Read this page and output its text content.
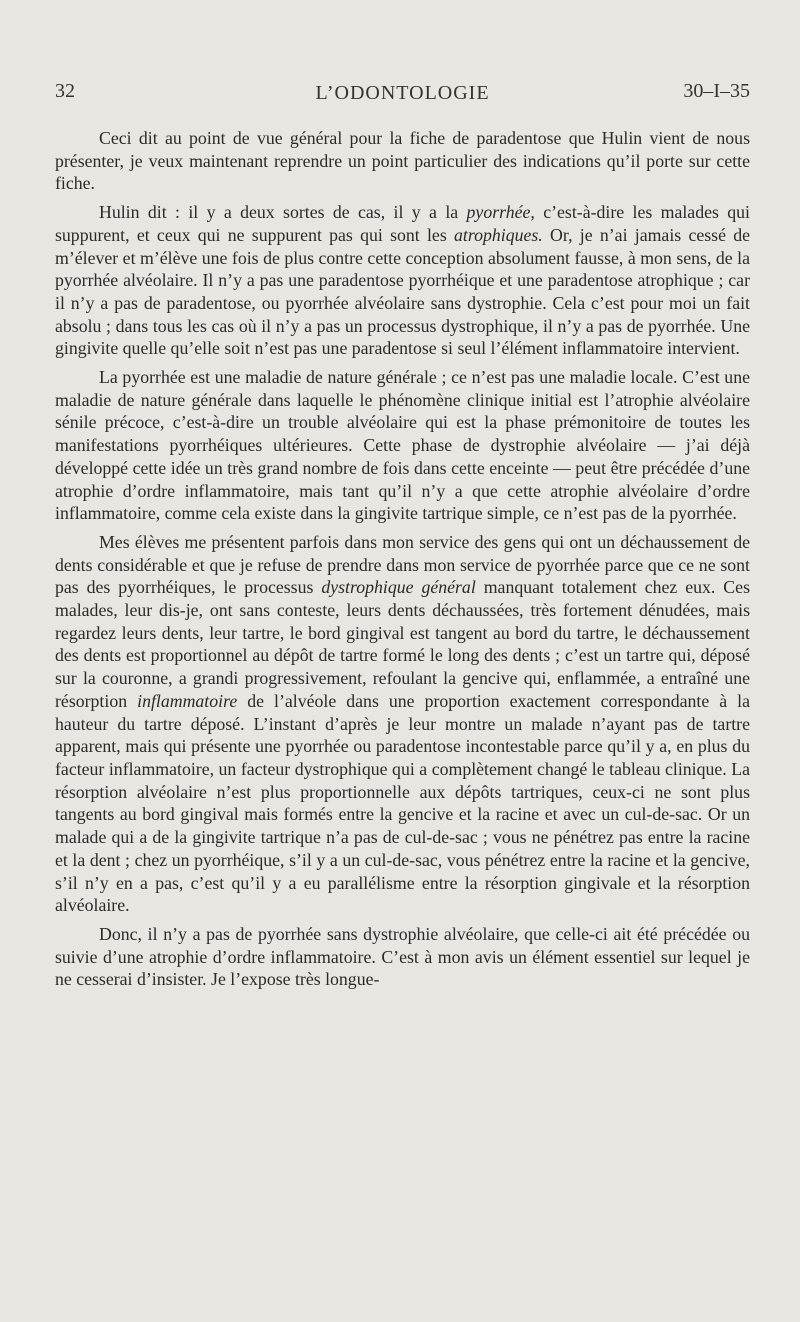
32	L’ODONTOLOGIE	30–I–35

Ceci dit au point de vue général pour la fiche de paradentose que Hulin vient de nous présenter, je veux maintenant reprendre un point particulier des indications qu’il porte sur cette fiche.

Hulin dit : il y a deux sortes de cas, il y a la pyorrhée, c’est-à-dire les malades qui suppurent, et ceux qui ne suppurent pas qui sont les atrophiques. Or, je n’ai jamais cessé de m’élever et m’élève une fois de plus contre cette conception absolument fausse, à mon sens, de la pyorrhée alvéolaire. Il n’y a pas une paradentose pyorrhéique et une paradentose atrophique ; car il n’y a pas de paradentose, ou pyorrhée alvéolaire sans dystrophie. Cela c’est pour moi un fait absolu ; dans tous les cas où il n’y a pas un processus dystrophique, il n’y a pas de pyorrhée. Une gingivite quelle qu’elle soit n’est pas une paradentose si seul l’élément inflammatoire intervient.

La pyorrhée est une maladie de nature générale ; ce n’est pas une maladie locale. C’est une maladie de nature générale dans laquelle le phénomène clinique initial est l’atrophie alvéolaire sénile précoce, c’est-à-dire un trouble alvéolaire qui est la phase prémonitoire de toutes les manifestations pyorrhéiques ultérieures. Cette phase de dystrophie alvéolaire — j’ai déjà développé cette idée un très grand nombre de fois dans cette enceinte — peut être précédée d’une atrophie d’ordre inflammatoire, mais tant qu’il n’y a que cette atrophie alvéolaire d’ordre inflammatoire, comme cela existe dans la gingivite tartrique simple, ce n’est pas de la pyorrhée.

Mes élèves me présentent parfois dans mon service des gens qui ont un déchaussement de dents considérable et que je refuse de prendre dans mon service de pyorrhée parce que ce ne sont pas des pyorrhéiques, le processus dystrophique général manquant totalement chez eux. Ces malades, leur dis-je, ont sans conteste, leurs dents déchaussées, très fortement dénudées, mais regardez leurs dents, leur tartre, le bord gingival est tangent au bord du tartre, le déchaussement des dents est proportionnel au dépôt de tartre formé le long des dents ; c’est un tartre qui, déposé sur la couronne, a grandi progressivement, refoulant la gencive qui, enflammée, a entraîné une résorption inflammatoire de l’alvéole dans une proportion exactement correspondante à la hauteur du tartre déposé. L’instant d’après je leur montre un malade n’ayant pas de tartre apparent, mais qui présente une pyorrhée ou paradentose incontestable parce qu’il y a, en plus du facteur inflammatoire, un facteur dystrophique qui a complètement changé le tableau clinique. La résorption alvéolaire n’est plus proportionnelle aux dépôts tartriques, ceux-ci ne sont plus tangents au bord gingival mais formés entre la gencive et la racine et avec un cul-de-sac. Or un malade qui a de la gingivite tartrique n’a pas de cul-de-sac ; vous ne pénétrez pas entre la racine et la dent ; chez un pyorrhéique, s’il y a un cul-de-sac, vous pénétrez entre la racine et la gencive, s’il n’y en a pas, c’est qu’il y a eu parallélisme entre la résorption gingivale et la résorption alvéolaire.

Donc, il n’y a pas de pyorrhée sans dystrophie alvéolaire, que celle-ci ait été précédée ou suivie d’une atrophie d’ordre inflammatoire. C’est à mon avis un élément essentiel sur lequel je ne cesserai d’insister. Je l’expose très longue-
